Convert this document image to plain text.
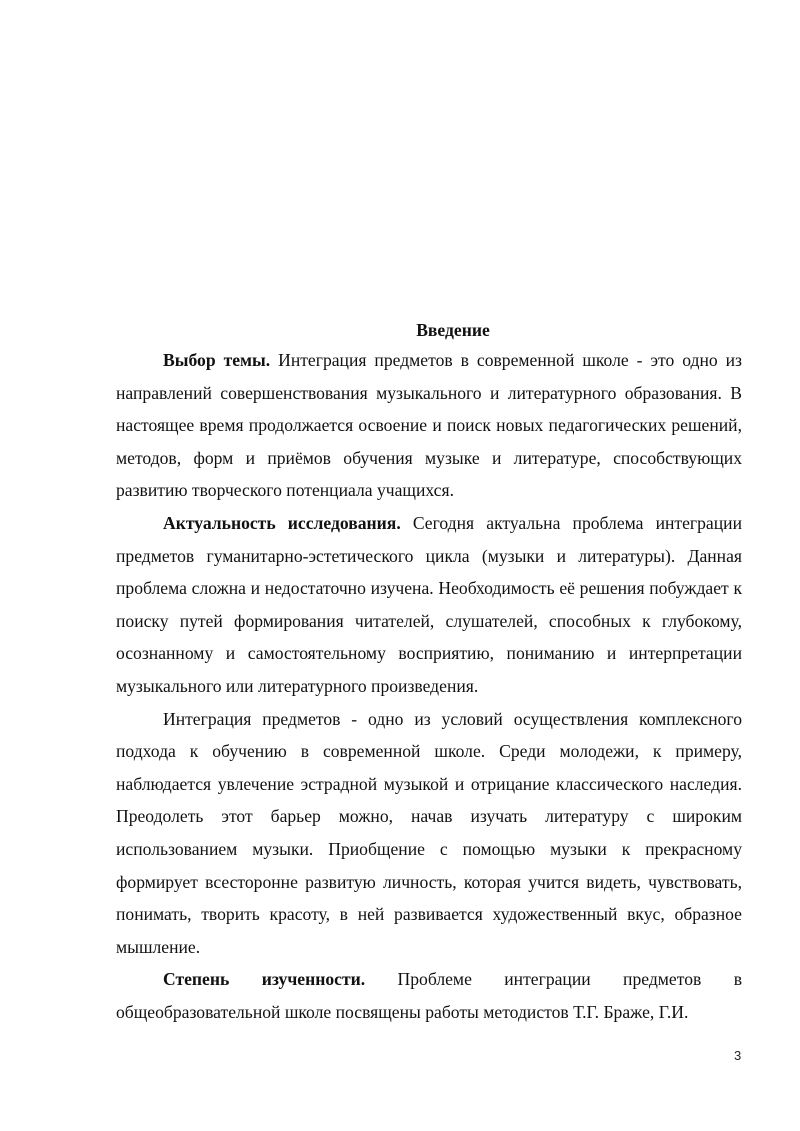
Введение

Выбор темы. Интеграция предметов в современной школе - это одно из направлений совершенствования музыкального и литературного образования. В настоящее время продолжается освоение и поиск новых педагогических решений, методов, форм и приёмов обучения музыке и литературе, способствующих развитию творческого потенциала учащихся.

Актуальность исследования. Сегодня актуальна проблема интеграции предметов гуманитарно-эстетического цикла (музыки и литературы). Данная проблема сложна и недостаточно изучена. Необходимость её решения побуждает к поиску путей формирования читателей, слушателей, способных к глубокому, осознанному и самостоятельному восприятию, пониманию и интерпретации музыкального или литературного произведения.

Интеграция предметов - одно из условий осуществления комплексного подхода к обучению в современной школе. Среди молодежи, к примеру, наблюдается увлечение эстрадной музыкой и отрицание классического наследия. Преодолеть этот барьер можно, начав изучать литературу с широким использованием музыки. Приобщение с помощью музыки к прекрасному формирует всесторонне развитую личность, которая учится видеть, чувствовать, понимать, творить красоту, в ней развивается художественный вкус, образное мышление.

Степень изученности. Проблеме интеграции предметов в общеобразовательной школе посвящены работы методистов Т.Г. Браже, Г.И.

3
